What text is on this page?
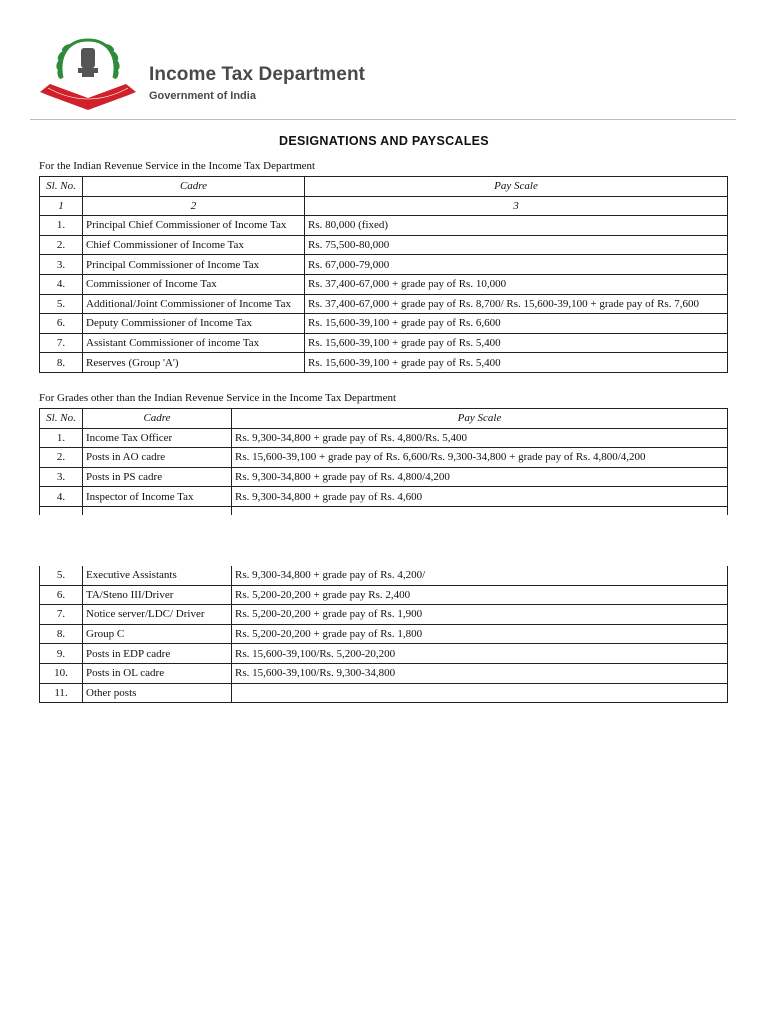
Income Tax Department
Government of India
DESIGNATIONS AND PAYSCALES
For the Indian Revenue Service in the Income Tax Department
Sl. No.	Cadre	Pay Scale
1	2	3
1.	Principal Chief Commissioner of Income Tax	Rs. 80,000 (fixed)
2.	Chief Commissioner of Income Tax	Rs. 75,500-80,000
3.	Principal Commissioner of Income Tax	Rs. 67,000-79,000
4.	Commissioner of Income Tax	Rs. 37,400-67,000 + grade pay of Rs. 10,000
5.	Additional/Joint Commissioner of Income Tax	Rs. 37,400-67,000 + grade pay of Rs. 8,700/ Rs. 15,600-39,100 + grade pay of Rs. 7,600
6.	Deputy Commissioner of Income Tax	Rs. 15,600-39,100 + grade pay of Rs. 6,600
7.	Assistant Commissioner of income Tax	Rs. 15,600-39,100 + grade pay of Rs. 5,400
8.	Reserves (Group 'A')	Rs. 15,600-39,100 + grade pay of Rs. 5,400
For Grades other than the Indian Revenue Service in the Income Tax Department
Sl. No.	Cadre	Pay Scale
1.	Income Tax Officer	Rs. 9,300-34,800 + grade pay of Rs. 4,800/Rs. 5,400
2.	Posts in AO cadre	Rs. 15,600-39,100 + grade pay of Rs. 6,600/Rs. 9,300-34,800 + grade pay of Rs. 4,800/4,200
3.	Posts in PS cadre	Rs. 9,300-34,800 + grade pay of Rs. 4,800/4,200
4.	Inspector of Income Tax	Rs. 9,300-34,800 + grade pay of Rs. 4,600

5.	Executive Assistants	Rs. 9,300-34,800 + grade pay of Rs. 4,200/
6.	TA/Steno III/Driver	Rs. 5,200-20,200 + grade pay Rs. 2,400
7.	Notice server/LDC/ Driver	Rs. 5,200-20,200 + grade pay of Rs. 1,900
8.	Group C	Rs. 5,200-20,200 + grade pay of Rs. 1,800
9.	Posts in EDP cadre	Rs. 15,600-39,100/Rs. 5,200-20,200
10.	Posts in OL cadre	Rs. 15,600-39,100/Rs. 9,300-34,800
11.	Other posts	
